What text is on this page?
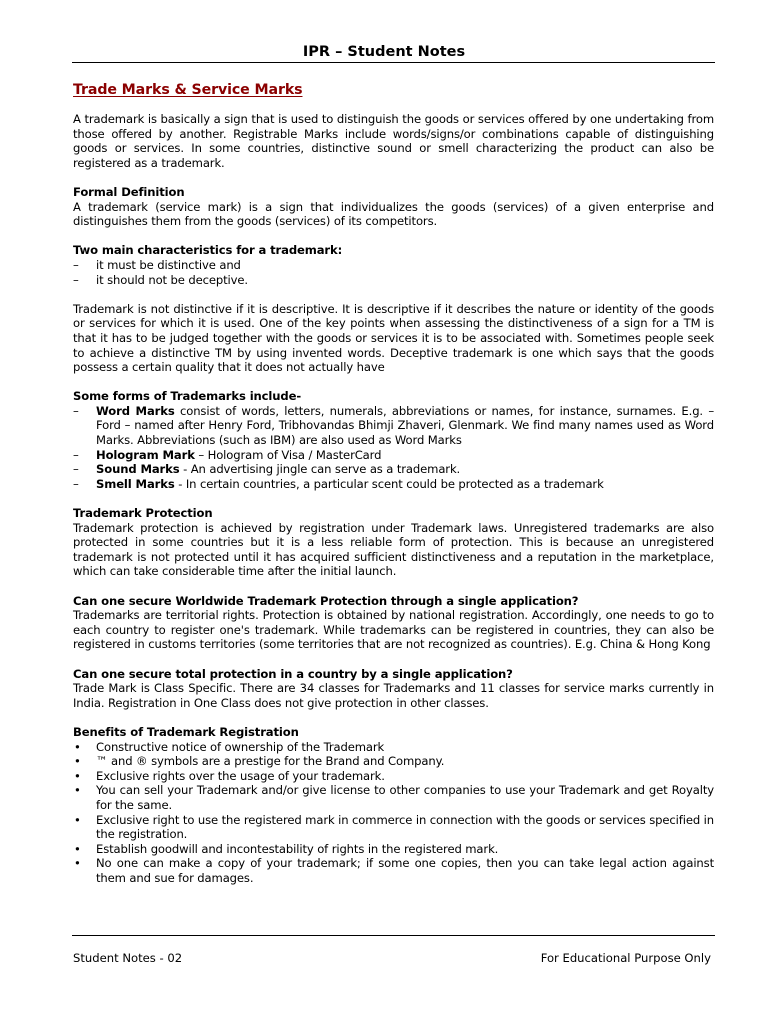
IPR – Student Notes
Trade Marks & Service Marks

A trademark is basically a sign that is used to distinguish the goods or services offered by one undertaking from those offered by another. Registrable Marks include words/signs/or combinations capable of distinguishing goods or services. In some countries, distinctive sound or smell characterizing the product can also be registered as a trademark.

Formal Definition
A trademark (service mark) is a sign that individualizes the goods (services) of a given enterprise and distinguishes them from the goods (services) of its competitors.
Two main characteristics for a trademark:
– it must be distinctive and
– it should not be deceptive.

Trademark is not distinctive if it is descriptive. It is descriptive if it describes the nature or identity of the goods or services for which it is used. One of the key points when assessing the distinctiveness of a sign for a TM is that it has to be judged together with the goods or services it is to be associated with. Sometimes people seek to achieve a distinctive TM by using invented words. Deceptive trademark is one which says that the goods possess a certain quality that it does not actually have

Some forms of Trademarks include-
– Word Marks consist of words, letters, numerals, abbreviations or names, for instance, surnames. E.g. – Ford – named after Henry Ford, Tribhovandas Bhimji Zhaveri, Glenmark. We find many names used as Word Marks. Abbreviations (such as IBM) are also used as Word Marks
– Hologram Mark – Hologram of Visa / MasterCard
– Sound Marks - An advertising jingle can serve as a trademark.
– Smell Marks - In certain countries, a particular scent could be protected as a trademark
Trademark Protection
Trademark protection is achieved by registration under Trademark laws. Unregistered trademarks are also protected in some countries but it is a less reliable form of protection. This is because an unregistered trademark is not protected until it has acquired sufficient distinctiveness and a reputation in the marketplace, which can take considerable time after the initial launch.
Can one secure Worldwide Trademark Protection through a single application?
Trademarks are territorial rights. Protection is obtained by national registration. Accordingly, one needs to go to each country to register one's trademark. While trademarks can be registered in countries, they can also be registered in customs territories (some territories that are not recognized as countries). E.g. China & Hong Kong
Can one secure total protection in a country by a single application?
Trade Mark is Class Specific. There are 34 classes for Trademarks and 11 classes for service marks currently in India. Registration in One Class does not give protection in other classes.
Benefits of Trademark Registration
• Constructive notice of ownership of the Trademark
• ™ and ® symbols are a prestige for the Brand and Company.
• Exclusive rights over the usage of your trademark.
• You can sell your Trademark and/or give license to other companies to use your Trademark and get Royalty for the same.
• Exclusive right to use the registered mark in commerce in connection with the goods or services specified in the registration.
• Establish goodwill and incontestability of rights in the registered mark.
• No one can make a copy of your trademark; if some one copies, then you can take legal action against them and sue for damages.
Student Notes - 02	For Educational Purpose Only
